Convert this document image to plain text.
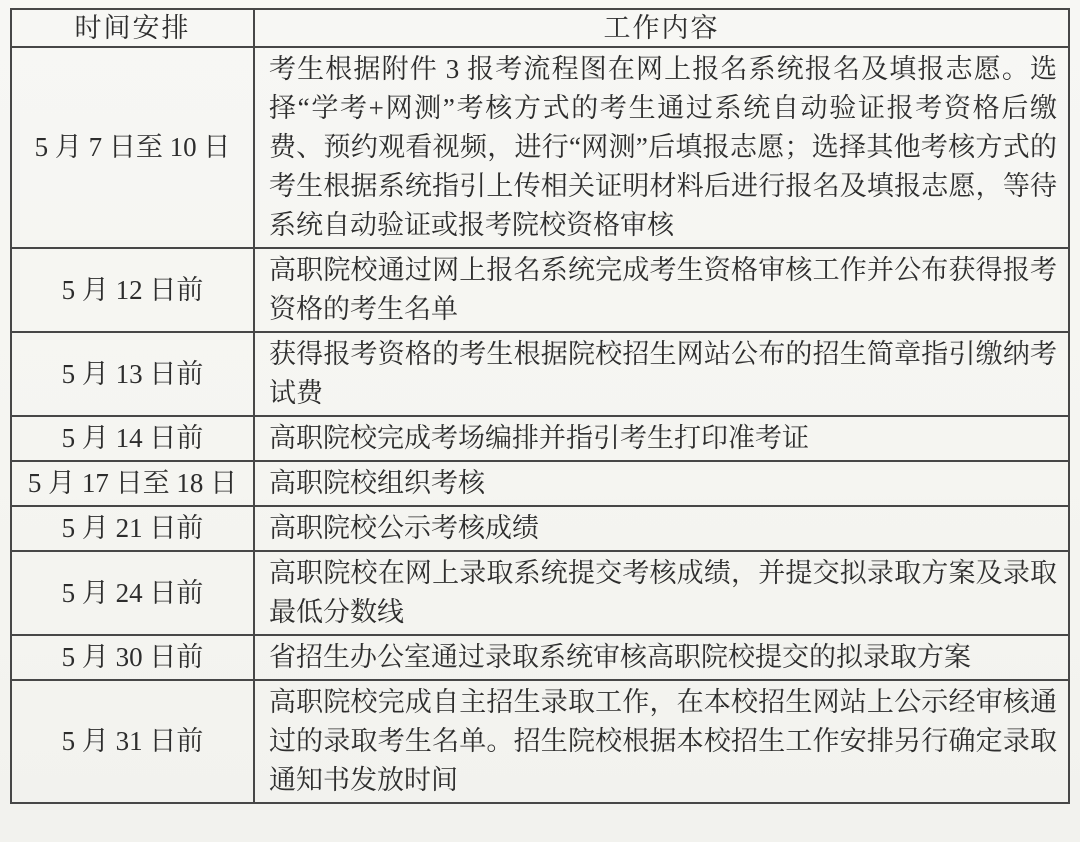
时间安排	工作内容
5 月 7 日至 10 日	考生根据附件 3 报考流程图在网上报名系统报名及填报志愿。选择“学考+网测”考核方式的考生通过系统自动验证报考资格后缴费、预约观看视频，进行“网测”后填报志愿；选择其他考核方式的考生根据系统指引上传相关证明材料后进行报名及填报志愿，等待系统自动验证或报考院校资格审核
5 月 12 日前	高职院校通过网上报名系统完成考生资格审核工作并公布获得报考资格的考生名单
5 月 13 日前	获得报考资格的考生根据院校招生网站公布的招生简章指引缴纳考试费
5 月 14 日前	高职院校完成考场编排并指引考生打印准考证
5 月 17 日至 18 日	高职院校组织考核
5 月 21 日前	高职院校公示考核成绩
5 月 24 日前	高职院校在网上录取系统提交考核成绩，并提交拟录取方案及录取最低分数线
5 月 30 日前	省招生办公室通过录取系统审核高职院校提交的拟录取方案
5 月 31 日前	高职院校完成自主招生录取工作，在本校招生网站上公示经审核通过的录取考生名单。招生院校根据本校招生工作安排另行确定录取通知书发放时间
